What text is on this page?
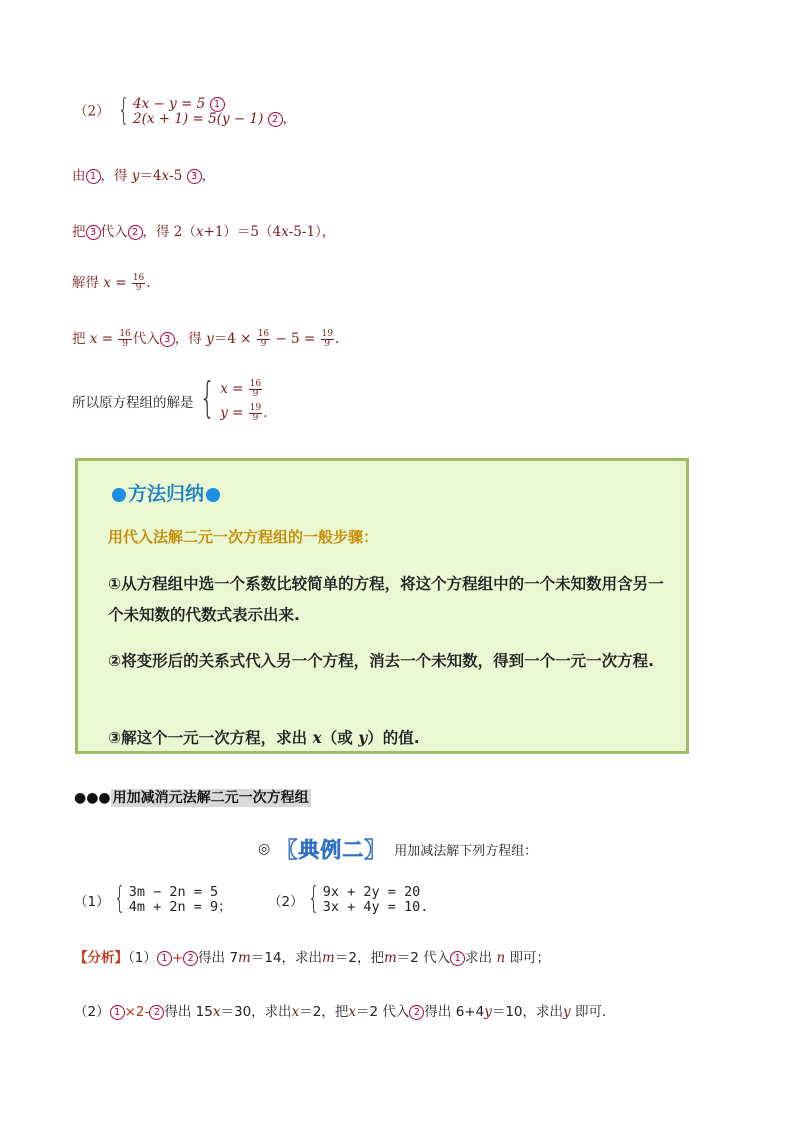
（2） { 4x − y = 5 1
2(x + 1) = 5(y − 1) 2 ，
由 1 ，得 y＝4x-5 3 ，
把 3 代入 2 ，得 2（x+1）＝5（4x-5-1），
解得 $x = \frac{16}{9}$ .
把 $x = \frac{16}{9}$ 代入 3 ，得 $y=4 \times \frac{16}{9} - 5 = \frac{19}{9}$ .
所以原方程组的解是 { $x = \frac{16}{9}$
$y = \frac{19}{9}$ .
方法归纳
用代入法解二元一次方程组的一般步骤：
①从方程组中选一个系数比较简单的方程，将这个方程组中的一个未知数用含另一个未知数的代数式表示出来.
②将变形后的关系式代入另一个方程，消去一个未知数，得到一个一元一次方程.
③解这个一元一次方程，求出 x（或 y）的值.
●●● 用加减消元法解二元一次方程组
◎ 【典例二】 用加减法解下列方程组：
（1） { 3m − 2n = 5
4m + 2n = 9；	（2） { 9x + 2y = 20
3x + 4y = 10.
【分析】（1） 1 + 2 得出 7m＝14，求出m＝2，把m＝2 代入 1 求出 n 即可；
（2） 1 ×2- 2 得出 15x＝30，求出x＝2，把x＝2 代入 2 得出 6+4y＝10，求出y 即可.
